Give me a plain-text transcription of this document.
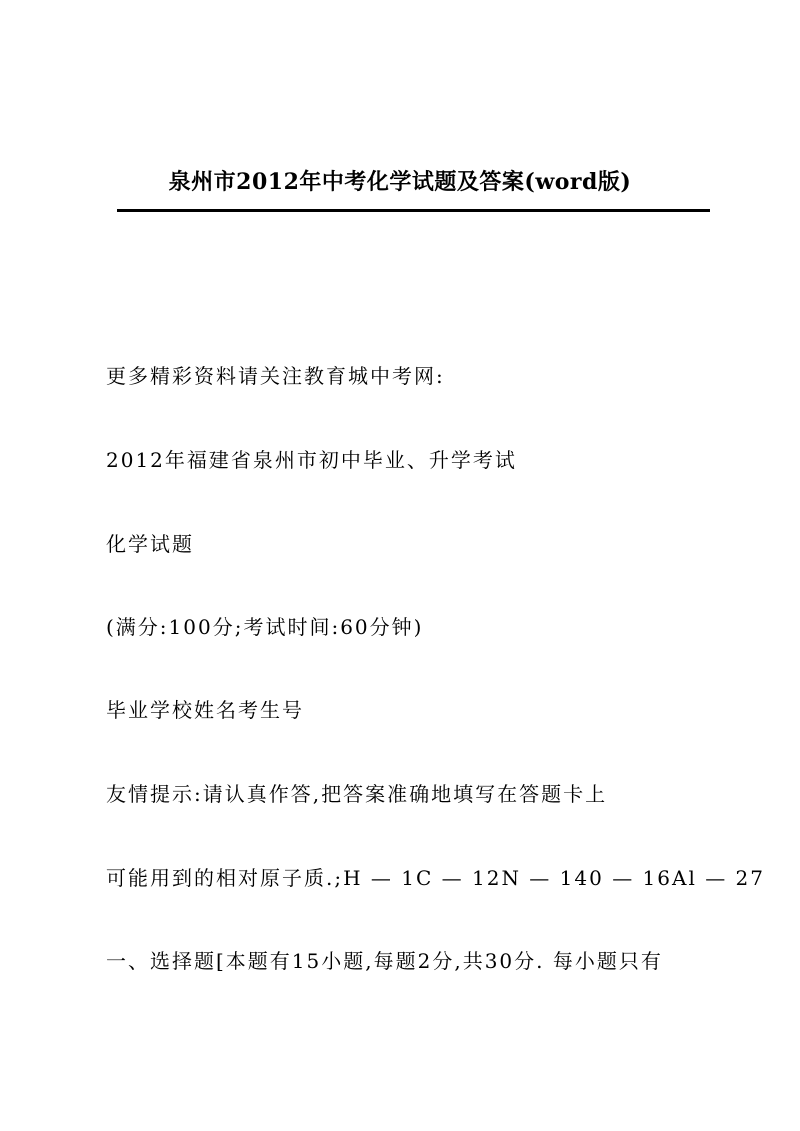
泉州市2012年中考化学试题及答案(word版)
更多精彩资料请关注教育城中考网:
2012年福建省泉州市初中毕业、升学考试
化学试题
(满分:100分;考试时间:60分钟)
毕业学校姓名考生号
友情提示:请认真作答,把答案准确地填写在答题卡上
可能用到的相对原子质.;H — 1C — 12N — 140 — 16Al — 27
一、选择题[本题有15小题,每题2分,共30分. 每小题只有
